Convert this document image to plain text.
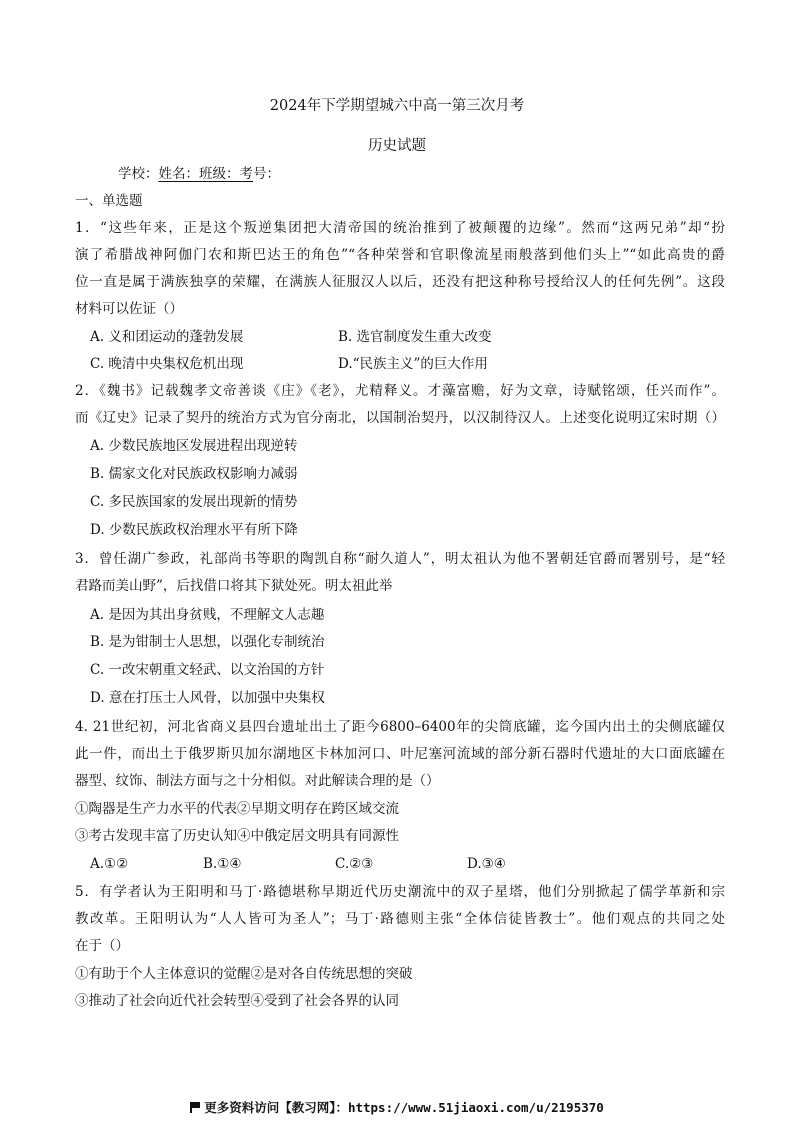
2024年下学期望城六中高一第三次月考
历史试题
学校：姓名：班级：考号：
一、单选题
1．“这些年来，正是这个叛逆集团把大清帝国的统治推到了被颠覆的边缘”。然而“这两兄弟”却“扮
演了希腊战神阿伽门农和斯巴达王的角色”“各种荣誉和官职像流星雨般落到他们头上”“如此高贵的爵
位一直是属于满族独享的荣耀，在满族人征服汉人以后，还没有把这种称号授给汉人的任何先例”。这段
材料可以佐证（）
A. 义和团运动的蓬勃发展	B. 选官制度发生重大改变
C. 晚清中央集权危机出现	D.“民族主义”的巨大作用
2．《魏书》记载魏孝文帝善谈《庄》《老》，尤精释义。才藻富赡，好为文章，诗赋铭颂，任兴而作”。
而《辽史》记录了契丹的统治方式为官分南北，以国制治契丹，以汉制待汉人。上述变化说明辽宋时期（）
A. 少数民族地区发展进程出现逆转
B. 儒家文化对民族政权影响力减弱
C. 多民族国家的发展出现新的情势
D. 少数民族政权治理水平有所下降
3．曾任湖广参政，礼部尚书等职的陶凯自称“耐久道人”，明太祖认为他不署朝廷官爵而署别号，是“轻
君路而美山野”，后找借口将其下狱处死。明太祖此举
A. 是因为其出身贫贱，不理解文人志趣
B. 是为钳制士人思想，以强化专制统治
C. 一改宋朝重文轻武、以文治国的方针
D. 意在打压士人风骨，以加强中央集权
4. 21世纪初，河北省商义县四台遗址出土了距今6800–6400年的尖筒底罐，迄今国内出土的尖侧底罐仅
此一件，而出土于俄罗斯贝加尔湖地区卡林加河口、叶尼塞河流域的部分新石器时代遗址的大口面底罐在
器型、纹饰、制法方面与之十分相似。对此解读合理的是（）
①陶器是生产力水平的代表②早期文明存在跨区域交流
③考古发现丰富了历史认知④中俄定居文明具有同源性
A.①②	B.①④	C.②③	D.③④
5．有学者认为王阳明和马丁·路德堪称早期近代历史潮流中的双子星塔，他们分别掀起了儒学革新和宗
教改革。王阳明认为“人人皆可为圣人”；马丁·路德则主张“全体信徒皆教士”。他们观点的共同之处
在于（）
①有助于个人主体意识的觉醒②是对各自传统思想的突破
③推动了社会向近代社会转型④受到了社会各界的认同
更多资料访问【教习网】：https://www.51jiaoxi.com/u/2195370
